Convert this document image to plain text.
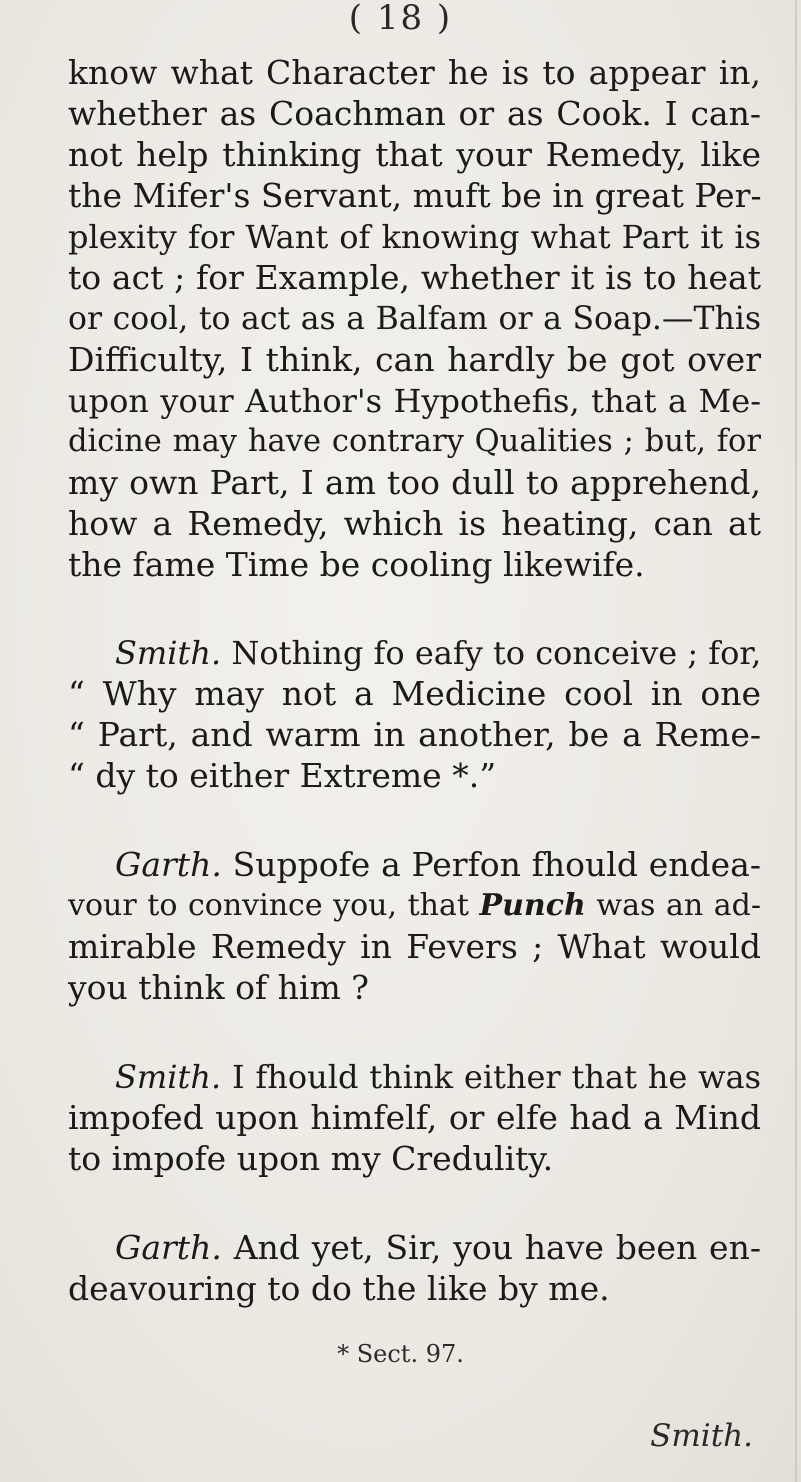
( 18 )

know what Character he is to appear in,

whether as Coachman or as Cook. I can-

not help thinking that your Remedy, like

the Mifer's Servant, muft be in great Per-

plexity for Want of knowing what Part it is

to act ; for Example, whether it is to heat

or cool, to act as a Balfam or a Soap.—This

Difficulty, I think, can hardly be got over

upon your Author's Hypothefis, that a Me-

dicine may have contrary Qualities ; but, for

my own Part, I am too dull to apprehend,

how a Remedy, which is heating, can at

the fame Time be cooling likewife.

Smith. Nothing fo eafy to conceive ; for,

“ Why may not a Medicine cool in one

“ Part, and warm in another, be a Reme-

“ dy to either Extreme *.”

Garth. Suppofe a Perfon fhould endea-

vour to convince you, that Punch was an ad-

mirable Remedy in Fevers ; What would

you think of him ?

Smith. I fhould think either that he was

impofed upon himfelf, or elfe had a Mind

to impofe upon my Credulity.

Garth. And yet, Sir, you have been en-

deavouring to do the like by me.

* Sect. 97.
Smith.
